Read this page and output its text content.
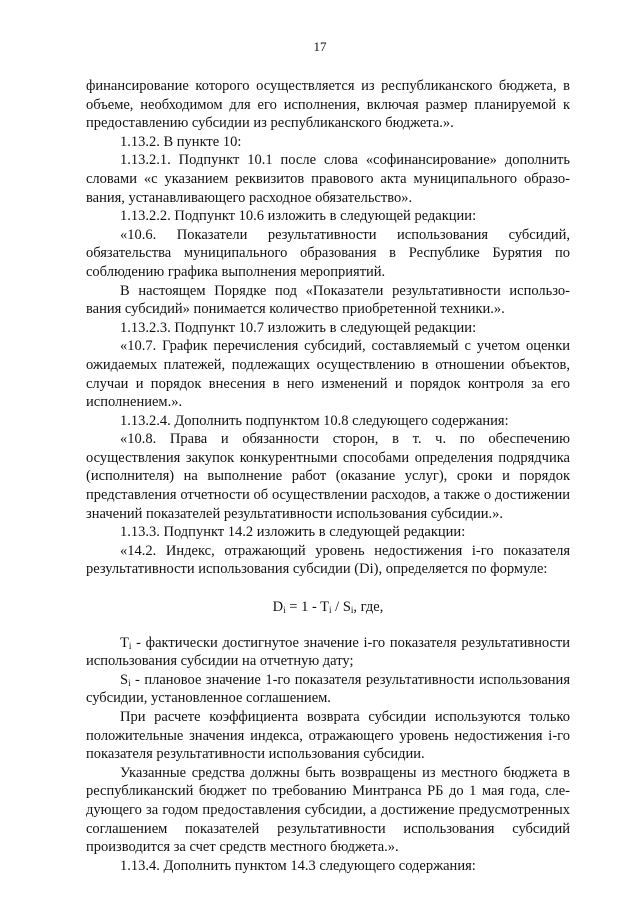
17

финансирование которого осуществляется из республиканского бюджета, в объеме, необходимом для его исполнения, включая размер планируемой к предоставлению субсидии из республиканского бюджета.».

1.13.2. В пункте 10:

1.13.2.1. Подпункт 10.1 после слова «софинансирование» дополнить словами «с указанием реквизитов правового акта муниципального образования, устанавливающего расходное обязательство».

1.13.2.2. Подпункт 10.6 изложить в следующей редакции:

«10.6. Показатели результативности использования субсидий, обязательства муниципального образования в Республике Бурятия по соблюдению графика выполнения мероприятий.

В настоящем Порядке под «Показатели результативности использования субсидий» понимается количество приобретенной техники.».

1.13.2.3. Подпункт 10.7 изложить в следующей редакции:

«10.7. График перечисления субсидий, составляемый с учетом оценки ожидаемых платежей, подлежащих осуществлению в отношении объектов, случаи и порядок внесения в него изменений и порядок контроля за его исполнением.».

1.13.2.4. Дополнить подпунктом 10.8 следующего содержания:

«10.8. Права и обязанности сторон, в т. ч. по обеспечению осуществления закупок конкурентными способами определения подрядчика (исполнителя) на выполнение работ (оказание услуг), сроки и порядок представления отчетности об осуществлении расходов, а также о достижении значений показателей результативности использования субсидии.».

1.13.3. Подпункт 14.2 изложить в следующей редакции:

«14.2. Индекс, отражающий уровень недостижения i-го показателя результативности использования субсидии (Di), определяется по формуле:

$D_i = 1 - T_i / S_i$, где,

$T_i$ - фактически достигнутое значение i-го показателя результативности использования субсидии на отчетную дату;

$S_i$ - плановое значение 1-го показателя результативности использования субсидии, установленное соглашением.

При расчете коэффициента возврата субсидии используются только положительные значения индекса, отражающего уровень недостижения i-го показателя результативности использования субсидии.

Указанные средства должны быть возвращены из местного бюджета в республиканский бюджет по требованию Минтранса РБ до 1 мая года, следующего за годом предоставления субсидии, а достижение предусмотренных соглашением показателей результативности использования субсидий производится за счет средств местного бюджета.».

1.13.4. Дополнить пунктом 14.3 следующего содержания:
